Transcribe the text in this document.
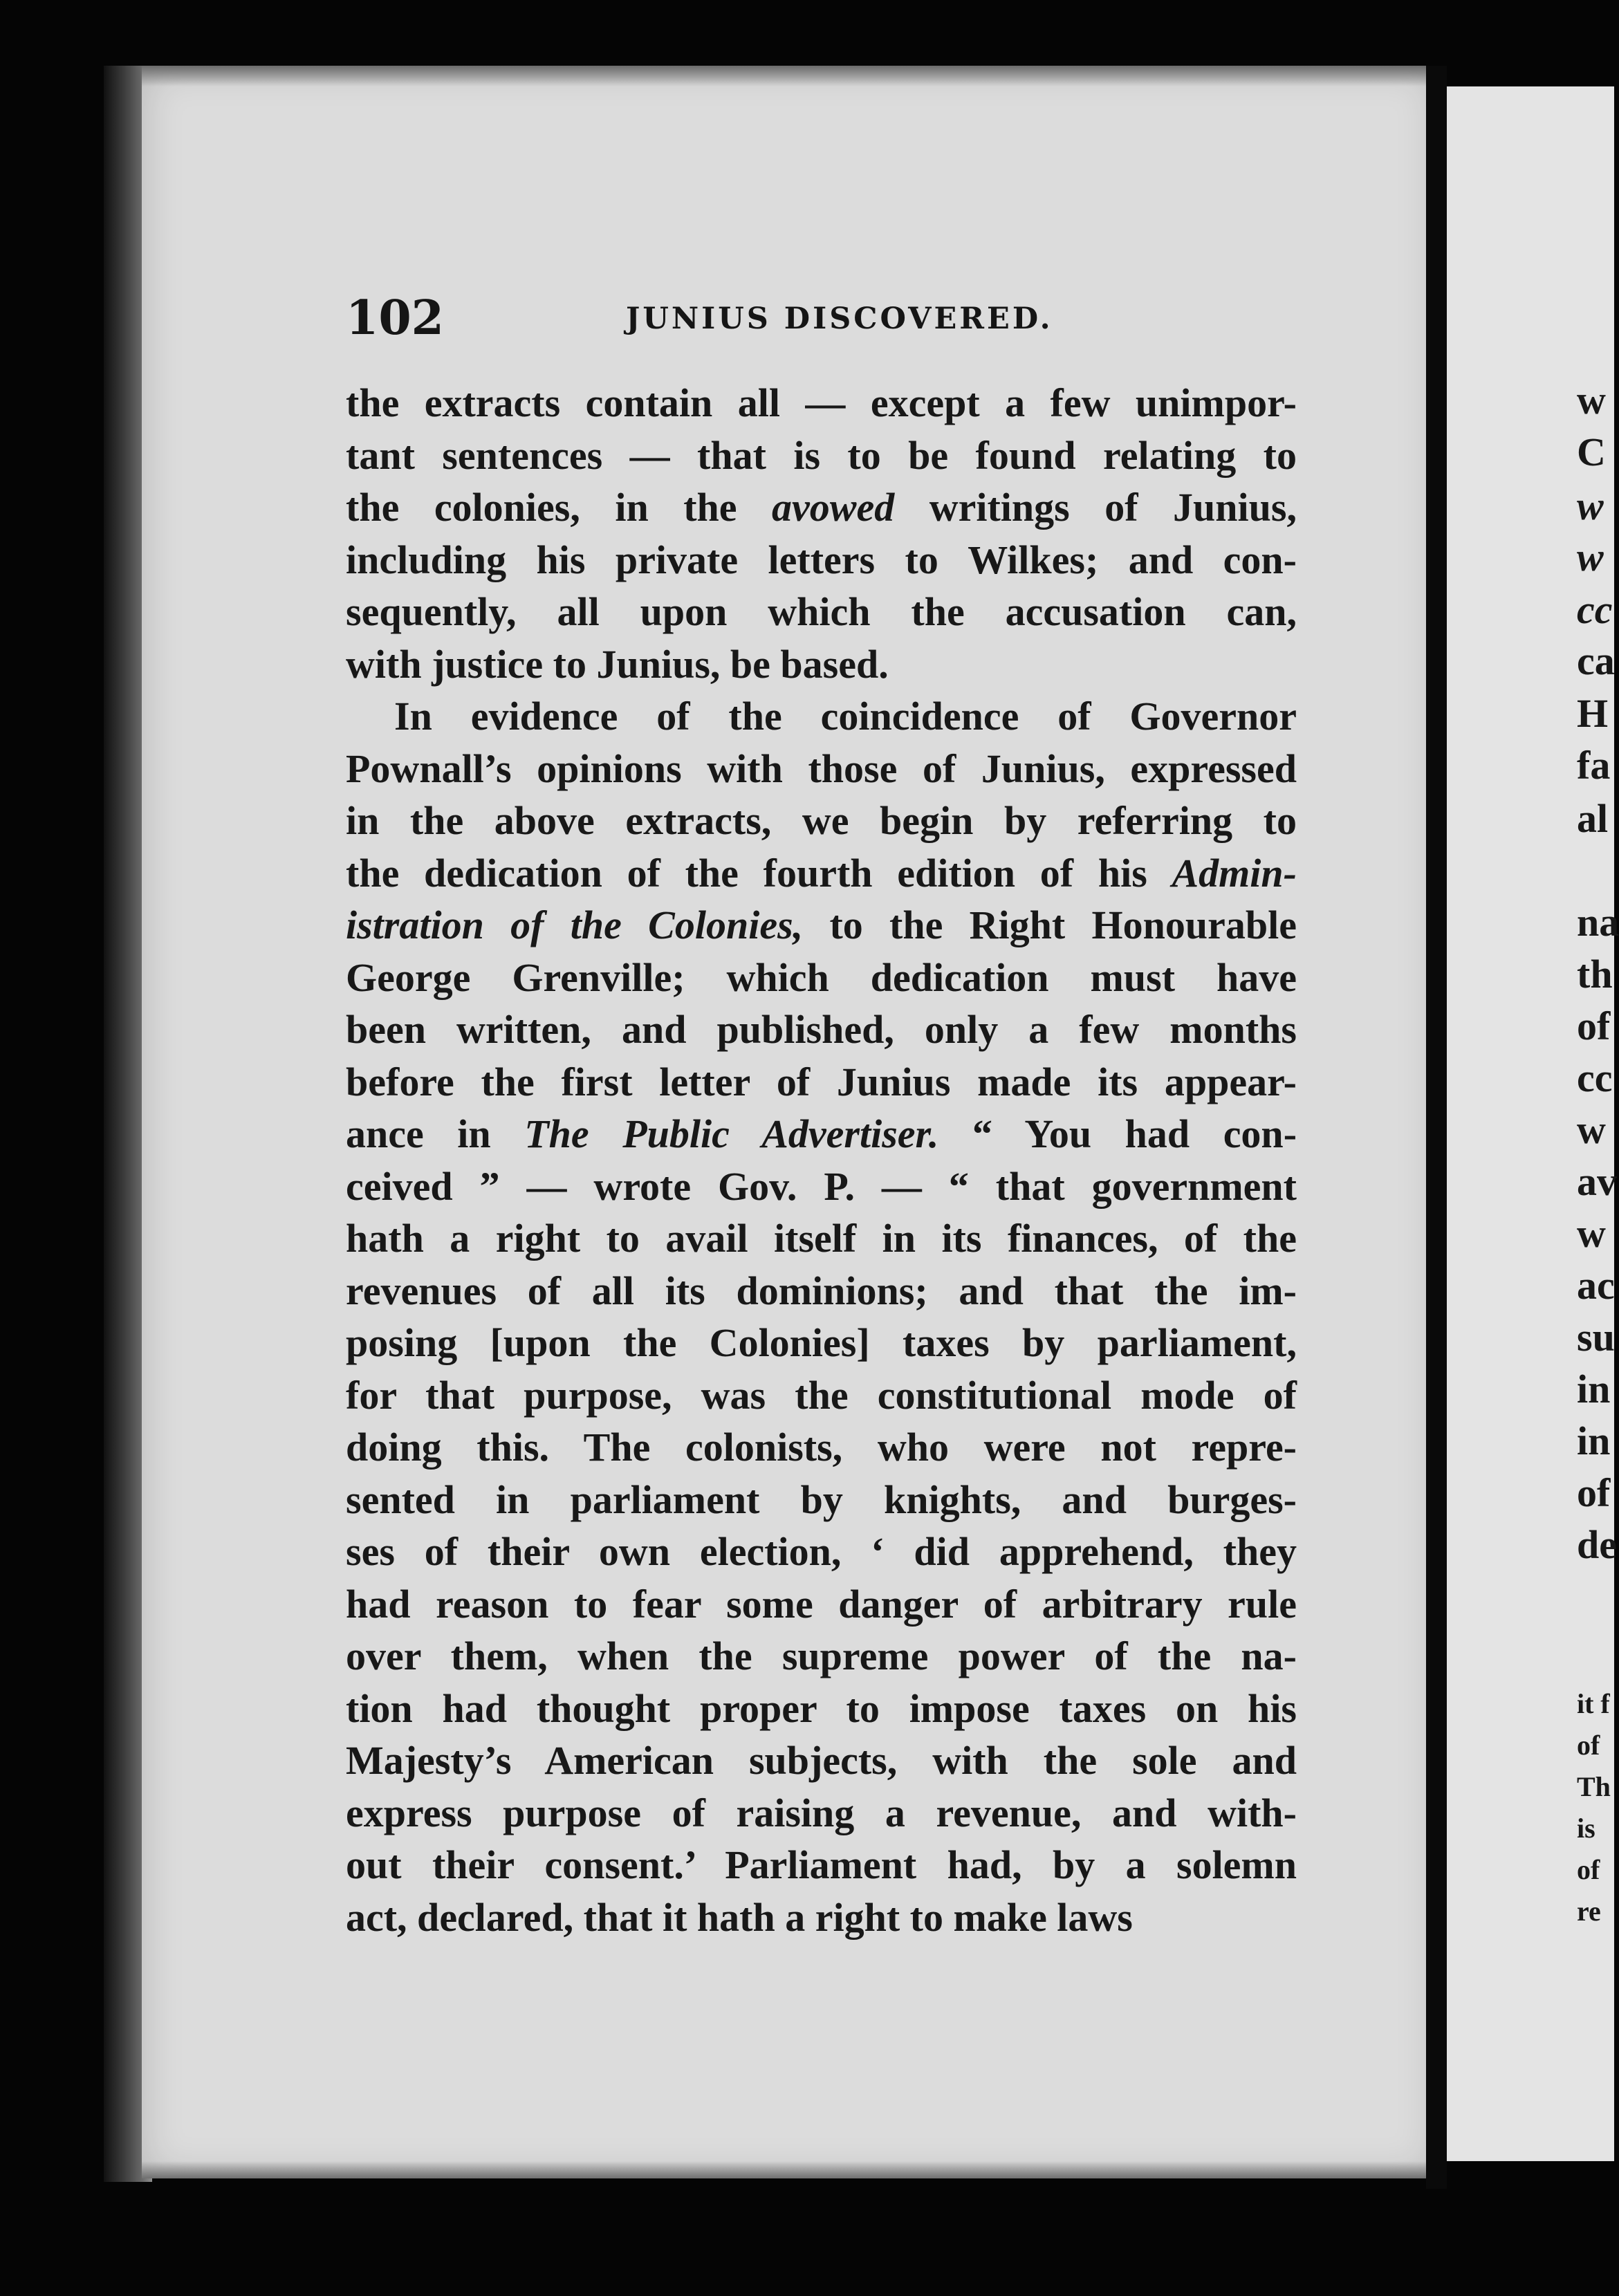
102	JUNIUS DISCOVERED.
the extracts contain all — except a few unimpor-
tant sentences — that is to be found relating to
the colonies, in the avowed writings of Junius,
including his private letters to Wilkes; and con-
sequently, all upon which the accusation can,
with justice to Junius, be based.
In evidence of the coincidence of Governor
Pownall’s opinions with those of Junius, expressed
in the above extracts, we begin by referring to
the dedication of the fourth edition of his Admin-
istration of the Colonies, to the Right Honourable
George Grenville; which dedication must have
been written, and published, only a few months
before the first letter of Junius made its appear-
ance in The Public Advertiser. “ You had con-
ceived ” — wrote Gov. P. — “ that government
hath a right to avail itself in its finances, of the
revenues of all its dominions; and that the im-
posing [upon the Colonies] taxes by parliament,
for that purpose, was the constitutional mode of
doing this. The colonists, who were not repre-
sented in parliament by knights, and burges-
ses of their own election, ‘ did apprehend, they
had reason to fear some danger of arbitrary rule
over them, when the supreme power of the na-
tion had thought proper to impose taxes on his
Majesty’s American subjects, with the sole and
express purpose of raising a revenue, and with-
out their consent.’ Parliament had, by a solemn
act, declared, that it hath a right to make laws
w
C
w
w
cc
ca
H
fa
al
na
th
of
cc
w
av
w
ac
su
in
in
of
de
it f
of
Th
is
of
re
